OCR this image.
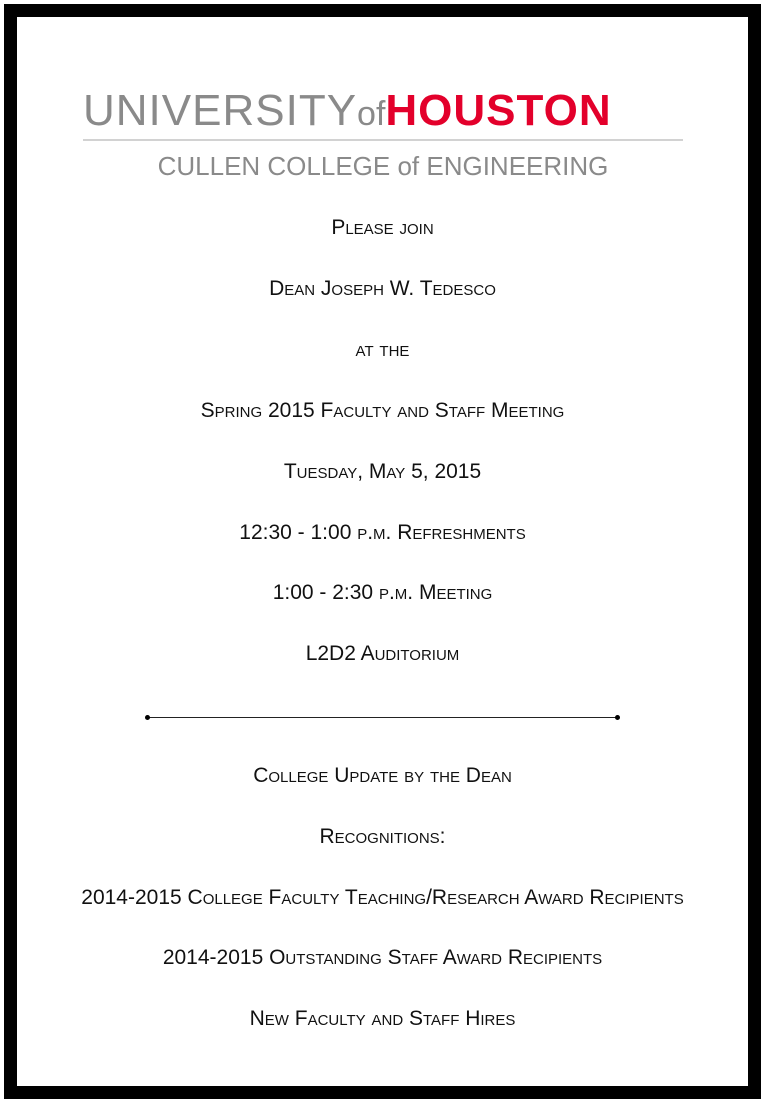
UNIVERSITYofHOUSTON
CULLEN COLLEGE of ENGINEERING
Please join
Dean Joseph W. Tedesco
at the
Spring 2015 Faculty and Staff Meeting
Tuesday, May 5, 2015
12:30 - 1:00 p.m. Refreshments
1:00 - 2:30 p.m. Meeting
L2D2 Auditorium
College Update by the Dean
Recognitions:
2014-2015 College Faculty Teaching/Research Award Recipients
2014-2015 Outstanding Staff Award Recipients
New Faculty and Staff Hires
